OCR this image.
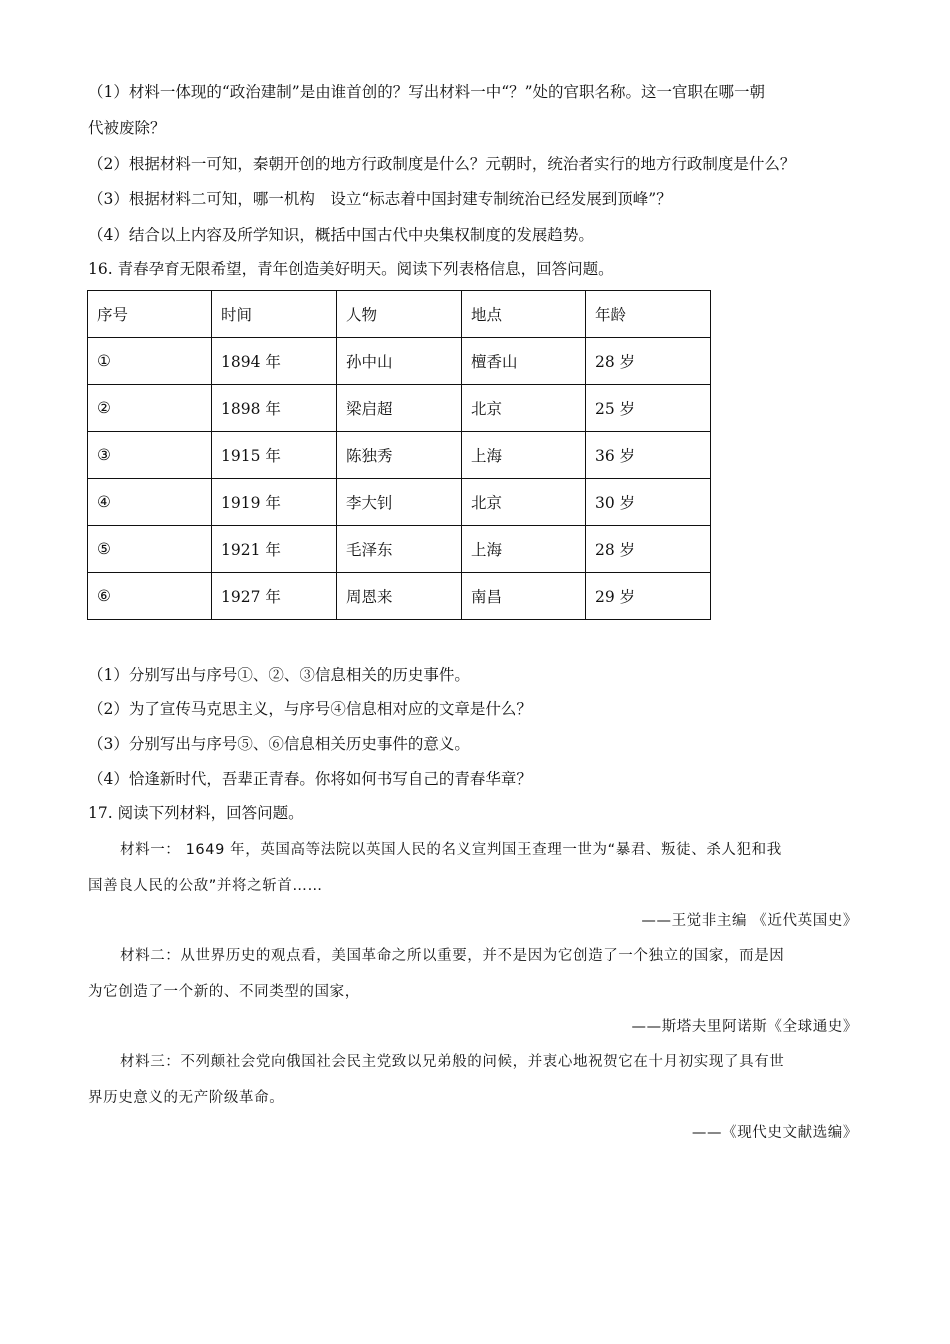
（1）材料一体现的“政治建制”是由谁首创的？写出材料一中“？”处的官职名称。这一官职在哪一朝
代被废除？
（2）根据材料一可知，秦朝开创的地方行政制度是什么？元朝时，统治者实行的地方行政制度是什么？
（3）根据材料二可知，哪一机构　设立“标志着中国封建专制统治已经发展到顶峰”？
（4）结合以上内容及所学知识，概括中国古代中央集权制度的发展趋势。
16. 青春孕育无限希望，青年创造美好明天。阅读下列表格信息，回答问题。
序号	时间	人物	地点	年龄
①	1894 年	孙中山	檀香山	28 岁
②	1898 年	梁启超	北京	25 岁
③	1915 年	陈独秀	上海	36 岁
④	1919 年	李大钊	北京	30 岁
⑤	1921 年	毛泽东	上海	28 岁
⑥	1927 年	周恩来	南昌	29 岁
（1）分别写出与序号①、②、③信息相关的历史事件。
（2）为了宣传马克思主义，与序号④信息相对应的文章是什么？
（3）分别写出与序号⑤、⑥信息相关历史事件的意义。
（4）恰逢新时代，吾辈正青春。你将如何书写自己的青春华章？
17. 阅读下列材料，回答问题。
材料一： 1649 年，英国高等法院以英国人民的名义宣判国王查理一世为“暴君、叛徒、杀人犯和我
国善良人民的公敌”并将之斩首……
——王觉非主编 《近代英国史》
材料二：从世界历史的观点看，美国革命之所以重要，并不是因为它创造了一个独立的国家，而是因
为它创造了一个新的、不同类型的国家，
——斯塔夫里阿诺斯《全球通史》
材料三：不列颠社会党向俄国社会民主党致以兄弟般的问候，并衷心地祝贺它在十月初实现了具有世
界历史意义的无产阶级革命。
——《现代史文献选编》
